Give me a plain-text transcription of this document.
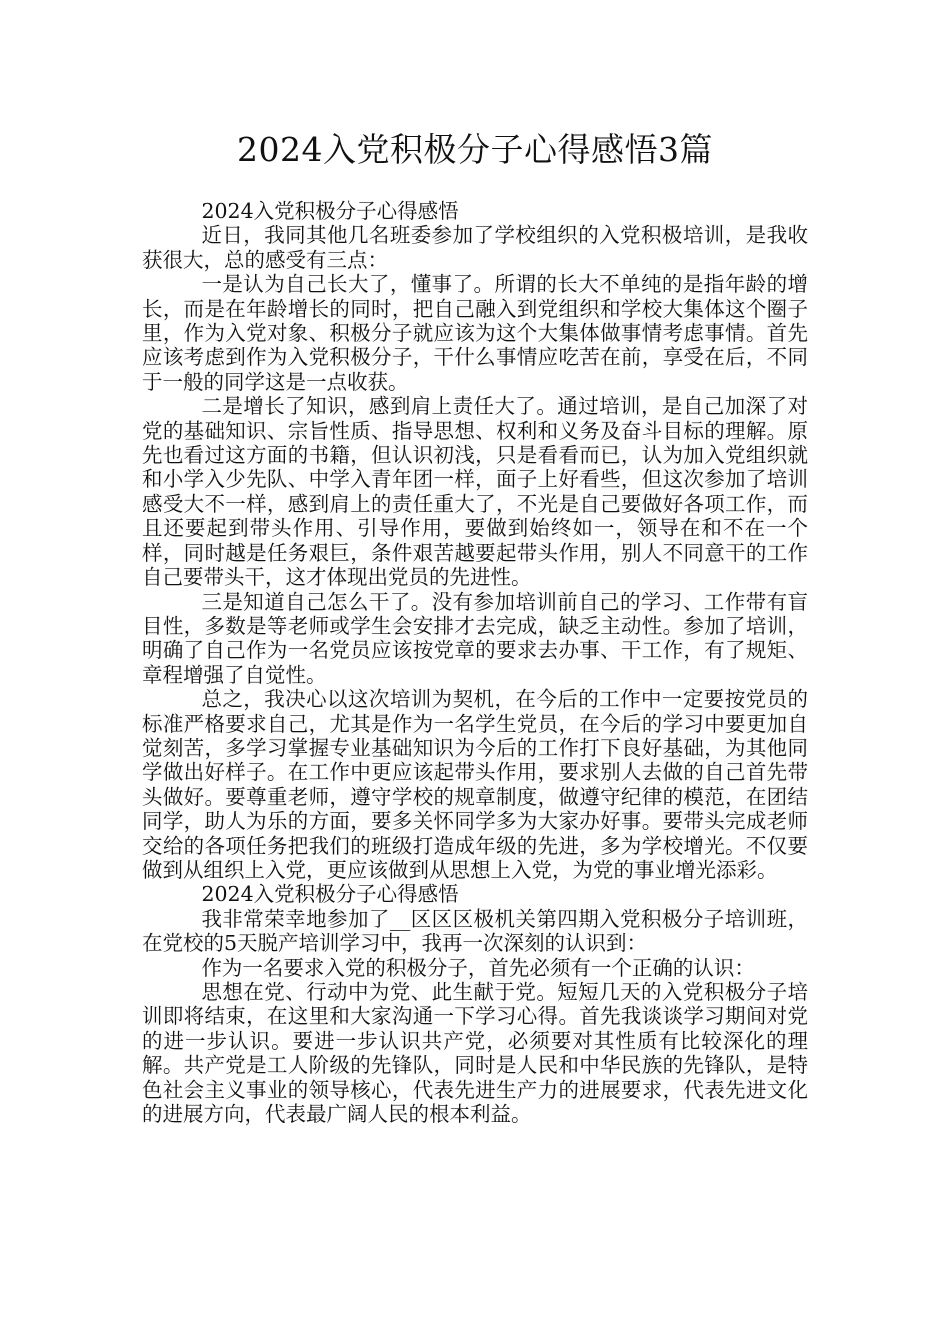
2024入党积极分子心得感悟3篇

2024入党积极分子心得感悟

近日，我同其他几名班委参加了学校组织的入党积极培训，是我收获很大，总的感受有三点：

一是认为自己长大了，懂事了。所谓的长大不单纯的是指年龄的增长，而是在年龄增长的同时，把自己融入到党组织和学校大集体这个圈子里，作为入党对象、积极分子就应该为这个大集体做事情考虑事情。首先应该考虑到作为入党积极分子，干什么事情应吃苦在前，享受在后，不同于一般的同学这是一点收获。

二是增长了知识，感到肩上责任大了。通过培训，是自己加深了对党的基础知识、宗旨性质、指导思想、权利和义务及奋斗目标的理解。原先也看过这方面的书籍，但认识初浅，只是看看而已，认为加入党组织就和小学入少先队、中学入青年团一样，面子上好看些，但这次参加了培训感受大不一样，感到肩上的责任重大了，不光是自己要做好各项工作，而且还要起到带头作用、引导作用，要做到始终如一，领导在和不在一个样，同时越是任务艰巨，条件艰苦越要起带头作用，别人不同意干的工作自己要带头干，这才体现出党员的先进性。

三是知道自己怎么干了。没有参加培训前自己的学习、工作带有盲目性，多数是等老师或学生会安排才去完成，缺乏主动性。参加了培训，明确了自己作为一名党员应该按党章的要求去办事、干工作，有了规矩、章程增强了自觉性。

总之，我决心以这次培训为契机，在今后的工作中一定要按党员的标准严格要求自己，尤其是作为一名学生党员，在今后的学习中要更加自觉刻苦，多学习掌握专业基础知识为今后的工作打下良好基础，为其他同学做出好样子。在工作中更应该起带头作用，要求别人去做的自己首先带头做好。要尊重老师，遵守学校的规章制度，做遵守纪律的模范，在团结同学，助人为乐的方面，要多关怀同学多为大家办好事。要带头完成老师交给的各项任务把我们的班级打造成年级的先进，多为学校增光。不仅要做到从组织上入党，更应该做到从思想上入党，为党的事业增光添彩。

2024入党积极分子心得感悟

我非常荣幸地参加了__区区区极机关第四期入党积极分子培训班，在党校的5天脱产培训学习中，我再一次深刻的认识到：

作为一名要求入党的积极分子，首先必须有一个正确的认识：

思想在党、行动中为党、此生献于党。短短几天的入党积极分子培训即将结束，在这里和大家沟通一下学习心得。首先我谈谈学习期间对党的进一步认识。要进一步认识共产党，必须要对其性质有比较深化的理解。共产党是工人阶级的先锋队，同时是人民和中华民族的先锋队，是特色社会主义事业的领导核心，代表先进生产力的进展要求，代表先进文化的进展方向，代表最广阔人民的根本利益。
